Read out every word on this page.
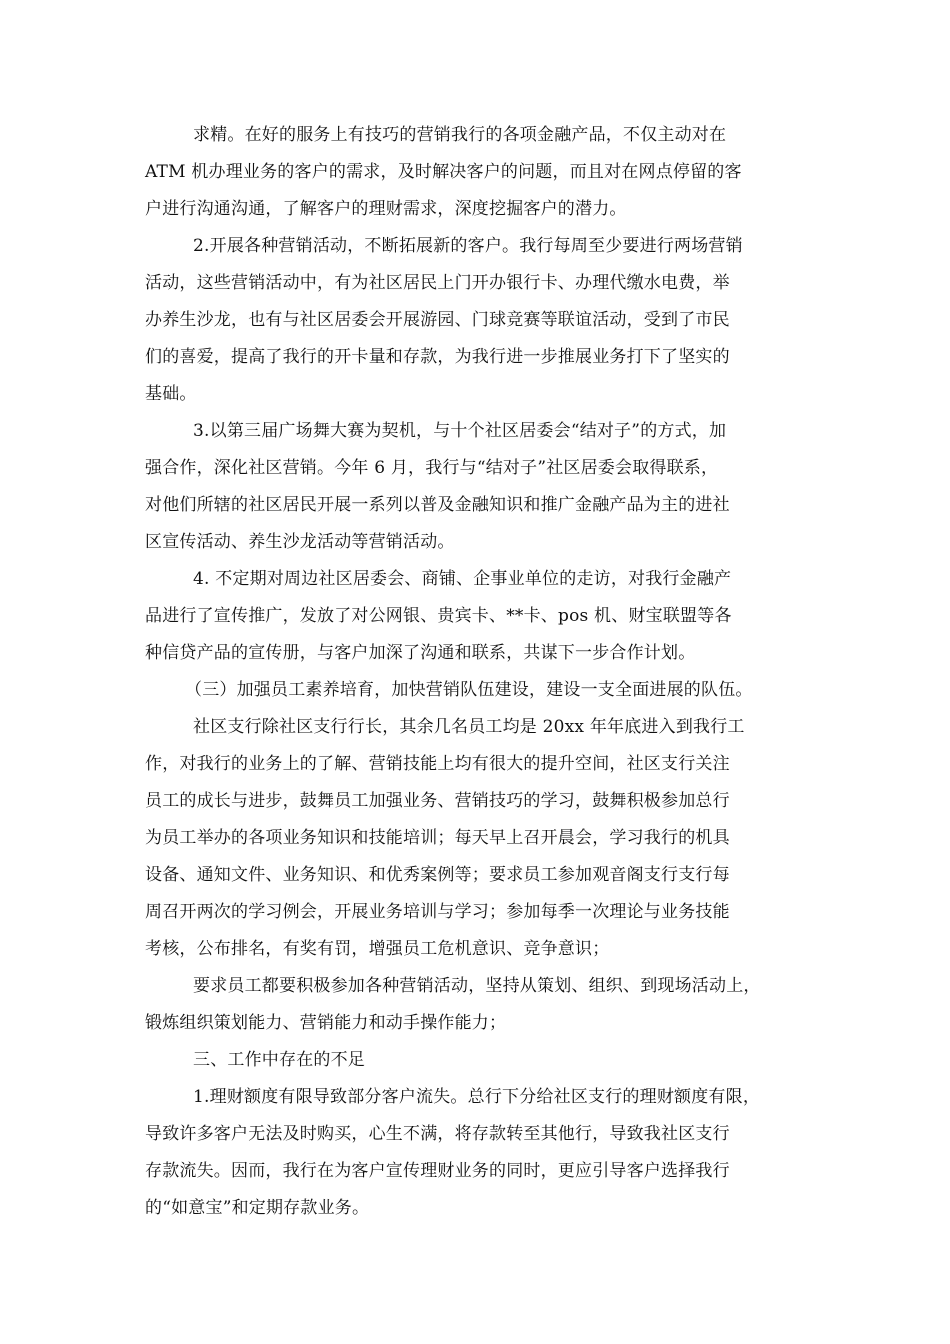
求精。在好的服务上有技巧的营销我行的各项金融产品，不仅主动对在
ATM 机办理业务的客户的需求，及时解决客户的问题，而且对在网点停留的客
户进行沟通沟通，了解客户的理财需求，深度挖掘客户的潜力。
2.开展各种营销活动，不断拓展新的客户。我行每周至少要进行两场营销
活动，这些营销活动中，有为社区居民上门开办银行卡、办理代缴水电费，举
办养生沙龙，也有与社区居委会开展游园、门球竞赛等联谊活动，受到了市民
们的喜爱，提高了我行的开卡量和存款，为我行进一步推展业务打下了坚实的
基础。
3.以第三届广场舞大赛为契机，与十个社区居委会“结对子”的方式，加
强合作，深化社区营销。今年 6 月，我行与“结对子”社区居委会取得联系，
对他们所辖的社区居民开展一系列以普及金融知识和推广金融产品为主的进社
区宣传活动、养生沙龙活动等营销活动。
4. 不定期对周边社区居委会、商铺、企事业单位的走访，对我行金融产
品进行了宣传推广，发放了对公网银、贵宾卡、**卡、pos 机、财宝联盟等各
种信贷产品的宣传册，与客户加深了沟通和联系，共谋下一步合作计划。
（三）加强员工素养培育，加快营销队伍建设，建设一支全面进展的队伍。
社区支行除社区支行行长，其余几名员工均是 20xx 年年底进入到我行工
作，对我行的业务上的了解、营销技能上均有很大的提升空间，社区支行关注
员工的成长与进步，鼓舞员工加强业务、营销技巧的学习，鼓舞积极参加总行
为员工举办的各项业务知识和技能培训；每天早上召开晨会，学习我行的机具
设备、通知文件、业务知识、和优秀案例等；要求员工参加观音阁支行支行每
周召开两次的学习例会，开展业务培训与学习；参加每季一次理论与业务技能
考核，公布排名，有奖有罚，增强员工危机意识、竞争意识；
要求员工都要积极参加各种营销活动，坚持从策划、组织、到现场活动上，
锻炼组织策划能力、营销能力和动手操作能力；
三、工作中存在的不足
1.理财额度有限导致部分客户流失。总行下分给社区支行的理财额度有限，
导致许多客户无法及时购买，心生不满，将存款转至其他行，导致我社区支行
存款流失。因而，我行在为客户宣传理财业务的同时，更应引导客户选择我行
的“如意宝”和定期存款业务。
